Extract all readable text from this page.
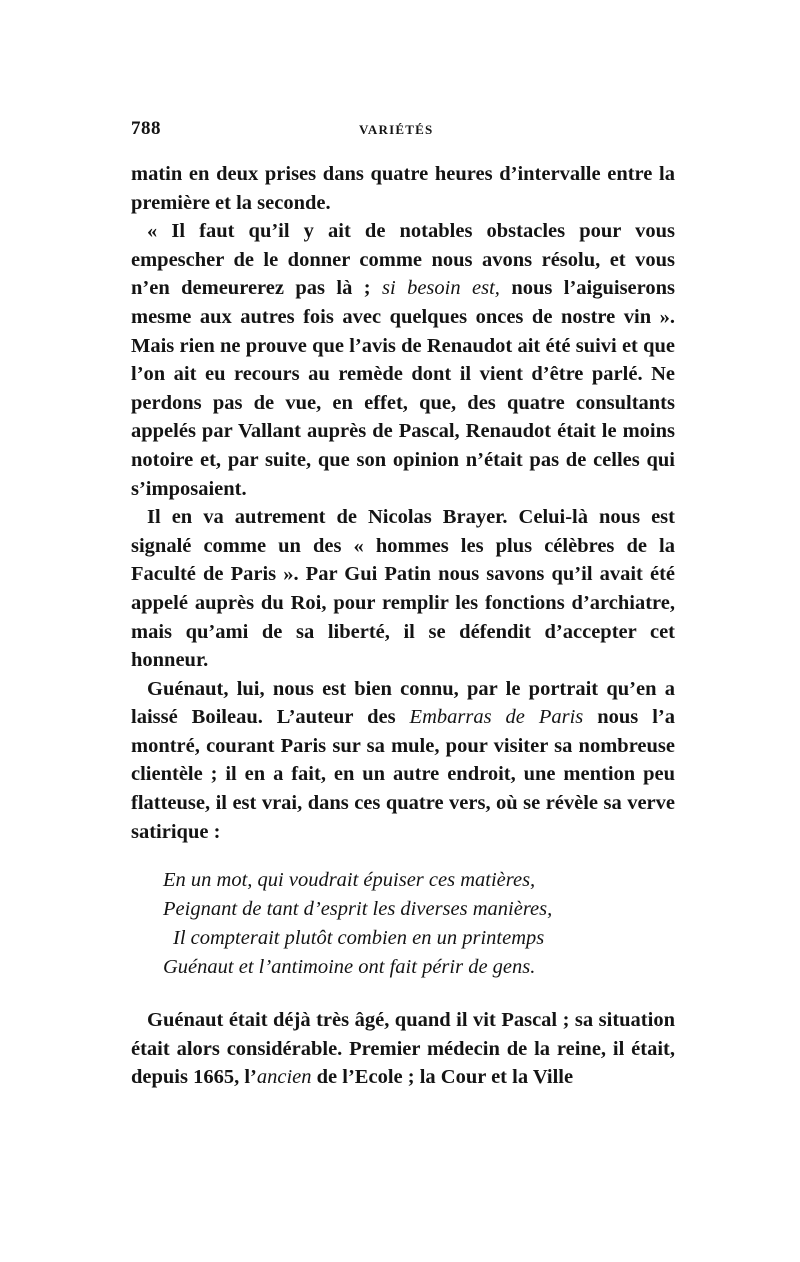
788	VARIÉTÉS

matin en deux prises dans quatre heures d’intervalle entre la première et la seconde.

« Il faut qu’il y ait de notables obstacles pour vous empescher de le donner comme nous avons résolu, et vous n’en demeurerez pas là ; si besoin est, nous l’aiguiserons mesme aux autres fois avec quelques onces de nostre vin ». Mais rien ne prouve que l’avis de Renaudot ait été suivi et que l’on ait eu recours au remède dont il vient d’être parlé. Ne perdons pas de vue, en effet, que, des quatre consultants appelés par Vallant auprès de Pascal, Renaudot était le moins notoire et, par suite, que son opinion n’était pas de celles qui s’imposaient.

Il en va autrement de Nicolas Brayer. Celui-là nous est signalé comme un des « hommes les plus célèbres de la Faculté de Paris ». Par Gui Patin nous savons qu’il avait été appelé auprès du Roi, pour remplir les fonctions d’archiatre, mais qu’ami de sa liberté, il se défendit d’accepter cet honneur.

Guénaut, lui, nous est bien connu, par le portrait qu’en a laissé Boileau. L’auteur des Embarras de Paris nous l’a montré, courant Paris sur sa mule, pour visiter sa nombreuse clientèle ; il en a fait, en un autre endroit, une mention peu flatteuse, il est vrai, dans ces quatre vers, où se révèle sa verve satirique :

En un mot, qui voudrait épuiser ces matières,
Peignant de tant d’esprit les diverses manières,
Il compterait plutôt combien en un printemps
Guénaut et l’antimoine ont fait périr de gens.

Guénaut était déjà très âgé, quand il vit Pascal ; sa situation était alors considérable. Premier médecin de la reine, il était, depuis 1665, l’ancien de l’Ecole ; la Cour et la Ville
